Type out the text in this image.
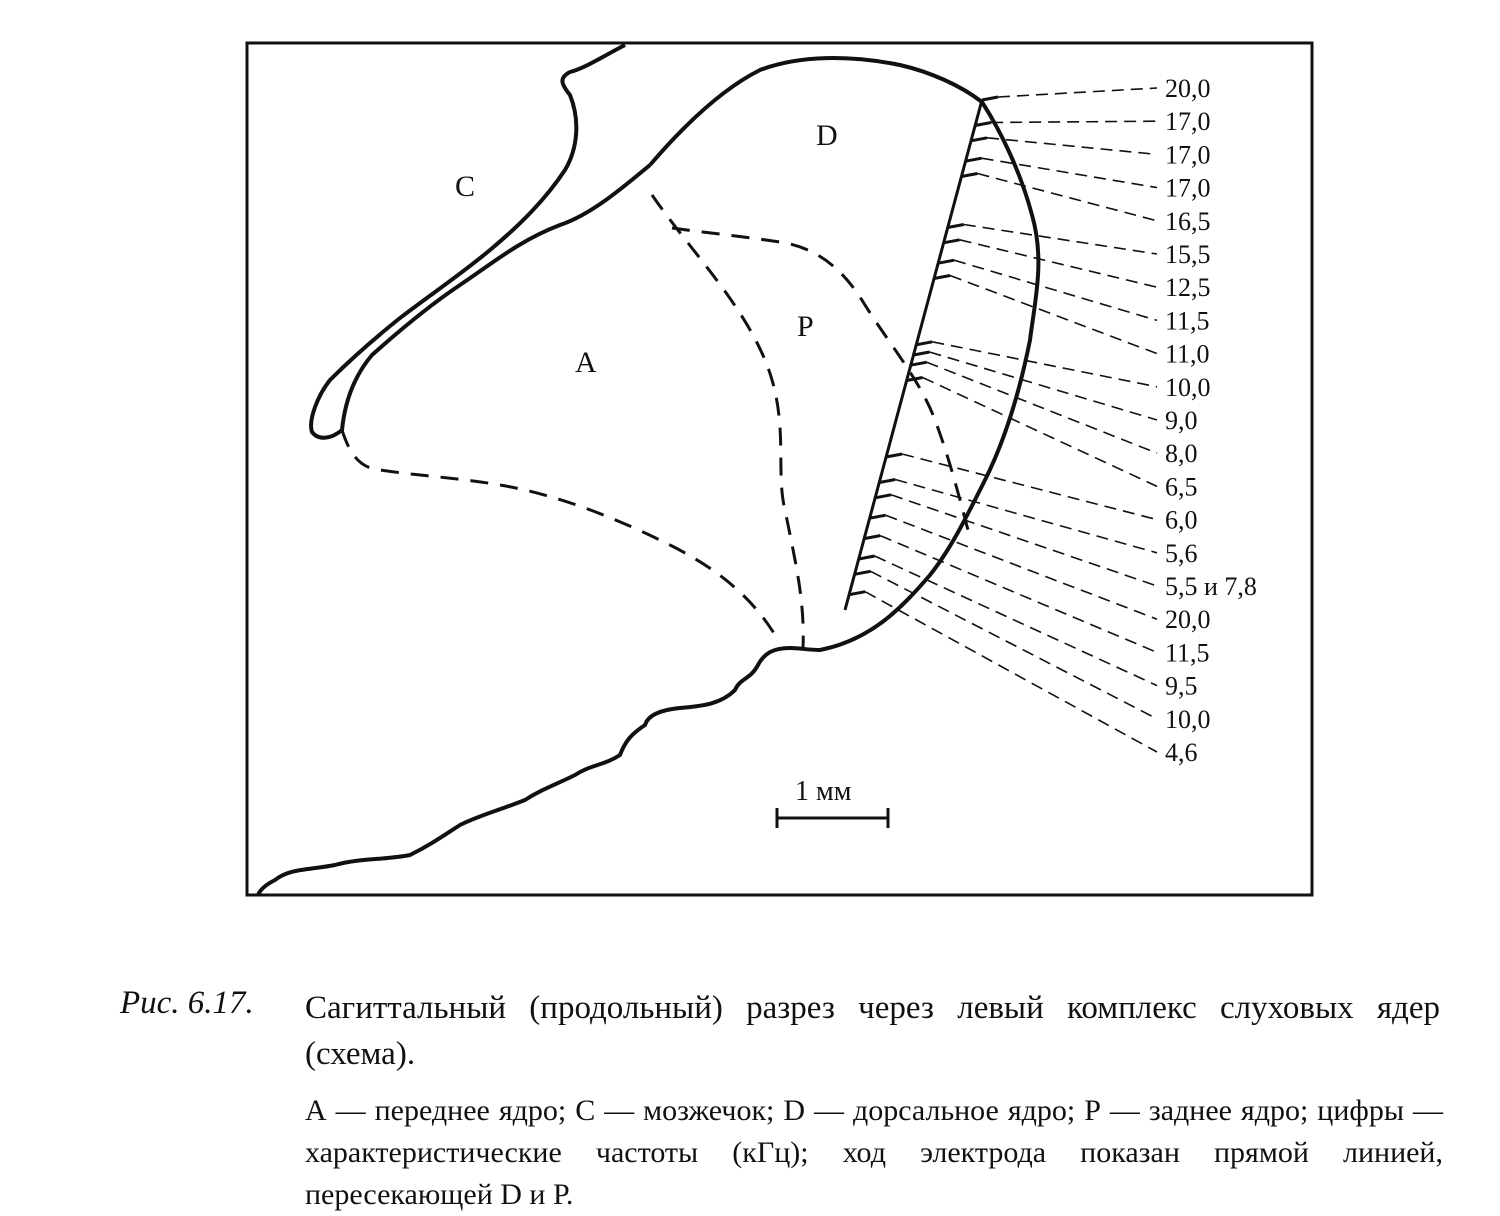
20,0
17,0
17,0
17,0
16,5
15,5
12,5
11,5
11,0
10,0
9,0
8,0
6,5
6,0
5,6
5,5 и 7,8
20,0
11,5
9,5
10,0
4,6
C
D
P
A
1 мм
Рис. 6.17.	Сагиттальный (продольный) разрез через левый комплекс слуховых ядер (схема).
А — переднее ядро; С — мозжечок; D — дорсальное ядро; Р — заднее ядро; цифры — характеристические частоты (кГц); ход электрода показан прямой линией, пересекающей D и Р.
